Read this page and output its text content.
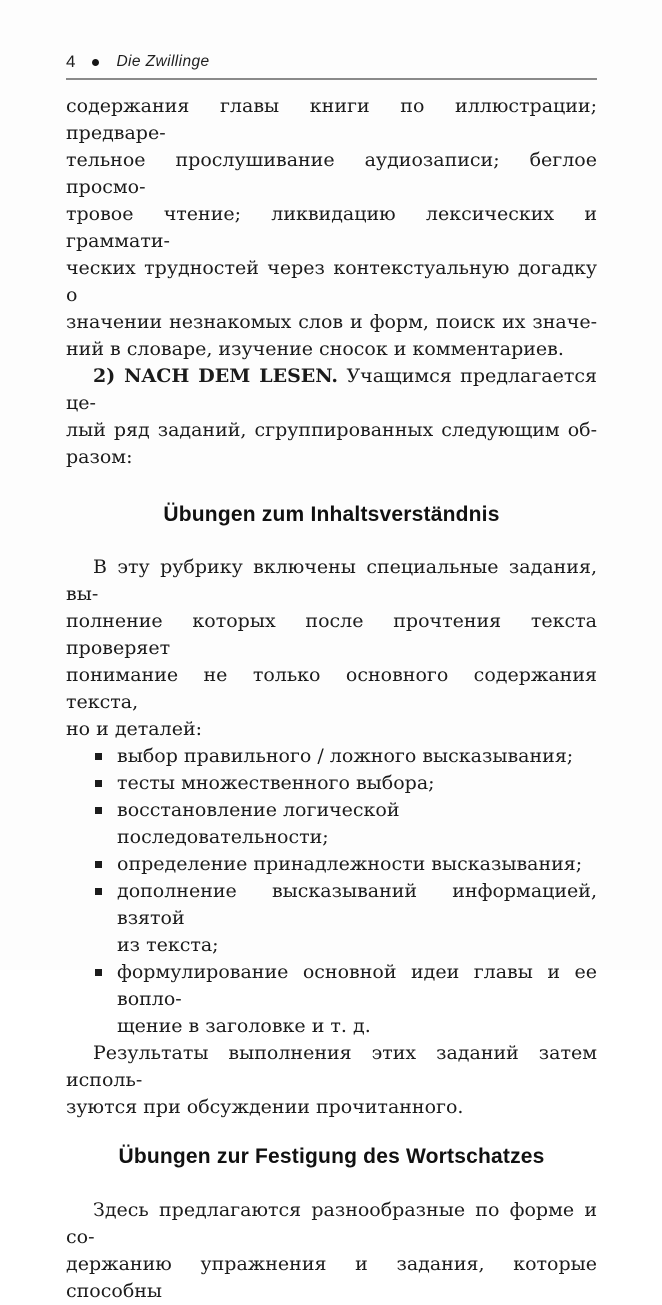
4	Die Zwillinge
содержания главы книги по иллюстрации; предваре-
тельное прослушивание аудиозаписи; беглое просмо-
тровое чтение; ликвидацию лексических и граммати-
ческих трудностей через контекстуальную догадку о
значении незнакомых слов и форм, поиск их значе-
ний в словаре, изучение сносок и комментариев.
2) NACH DEM LESEN. Учащимся предлагается це-
лый ряд заданий, сгруппированных следующим об-
разом:
Übungen zum Inhaltsverständnis
В эту рубрику включены специальные задания, вы-
полнение которых после прочтения текста проверяет
понимание не только основного содержания текста,
но и деталей:
выбор правильного / ложного высказывания;
тесты множественного выбора;
восстановление логической последовательности;
определение принадлежности высказывания;
дополнение высказываний информацией, взятой
из текста;
формулирование основной идеи главы и ее вопло-
щение в заголовке и т. д.
Результаты выполнения этих заданий затем исполь-
зуются при обсуждении прочитанного.
Übungen zur Festigung des Wortschatzes
Здесь предлагаются разнообразные по форме и со-
держанию упражнения и задания, которые способны
